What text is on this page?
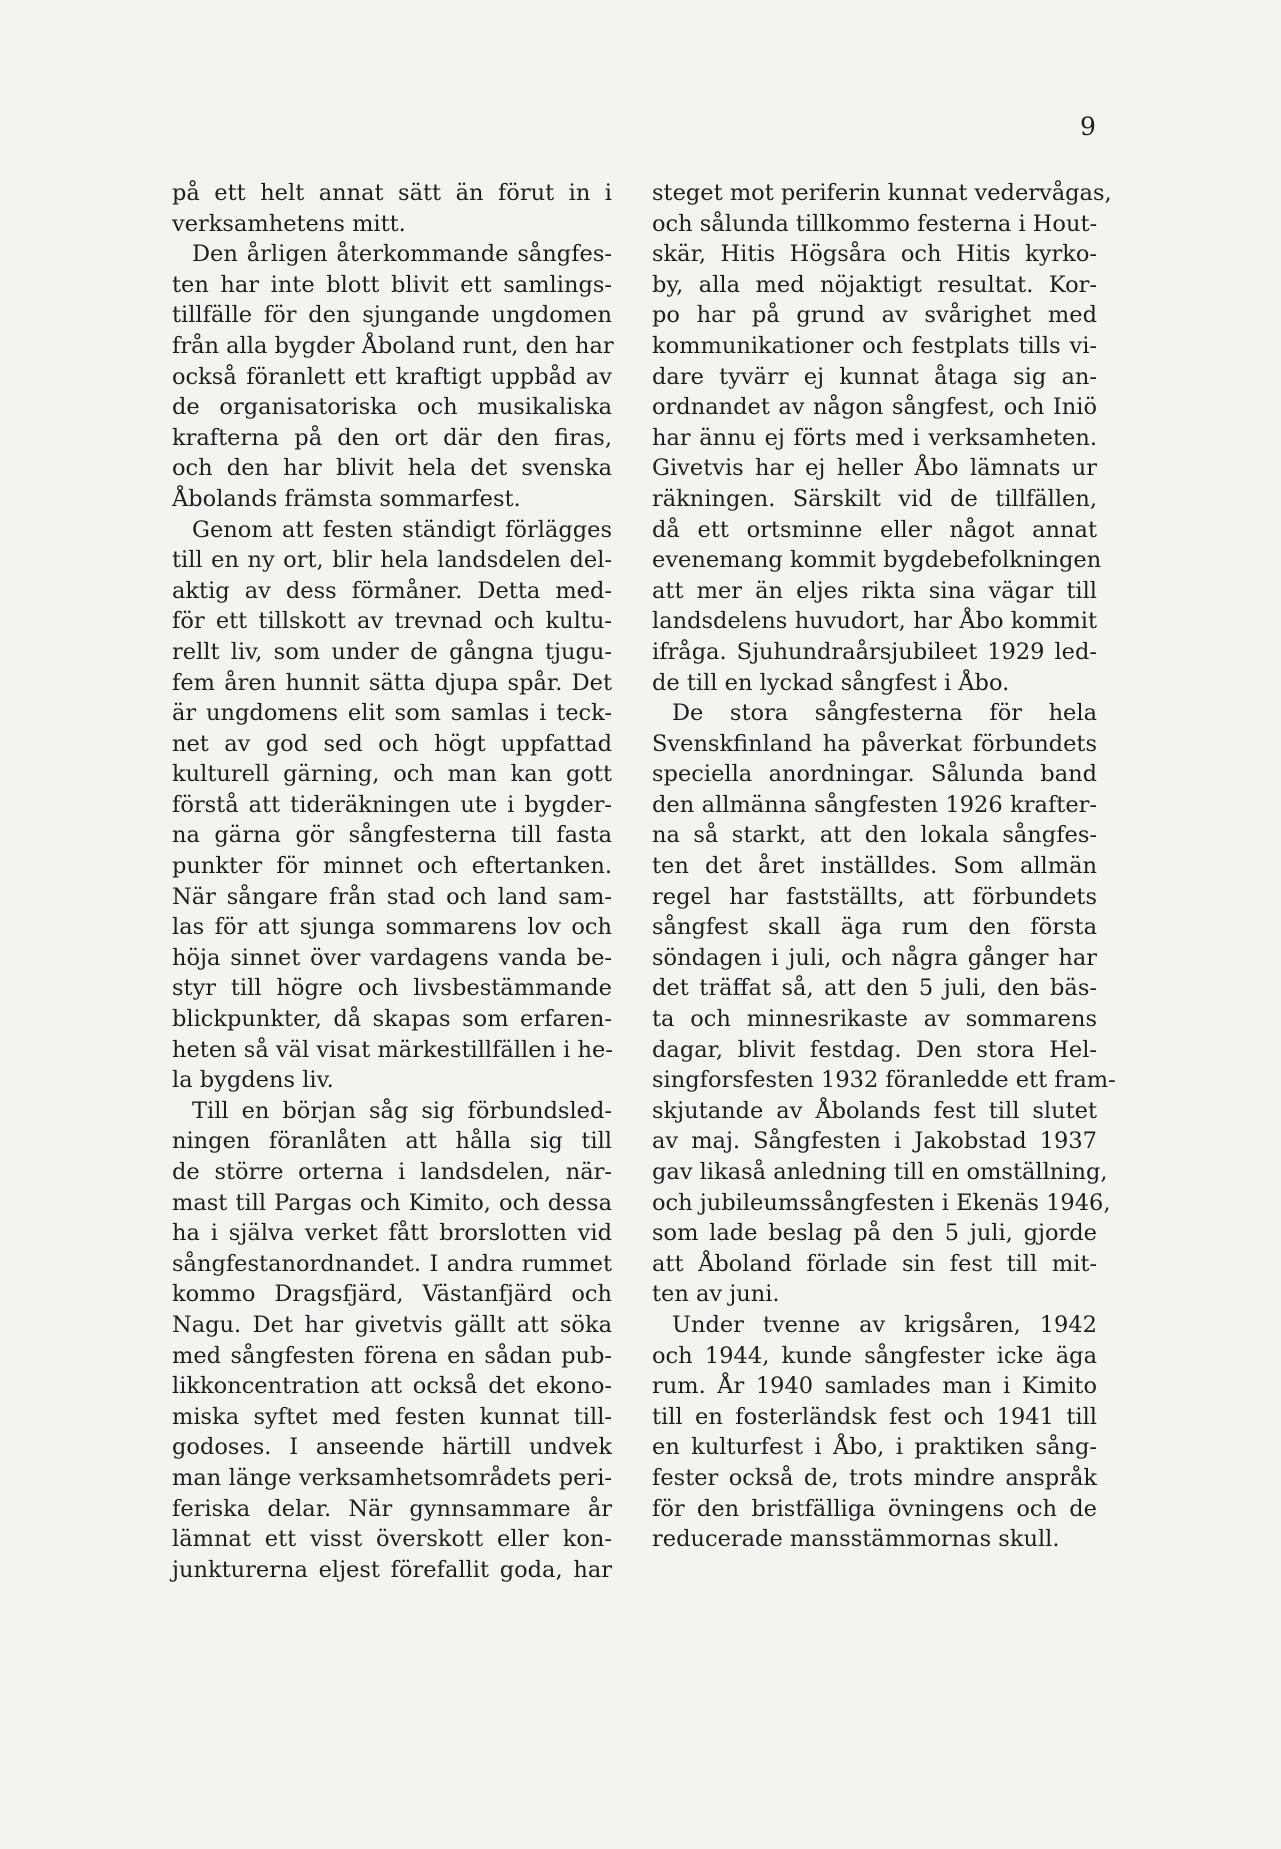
9
på ett helt annat sätt än förut in i
verksamhetens mitt.
Den årligen återkommande sångfes-
ten har inte blott blivit ett samlings-
tillfälle för den sjungande ungdomen
från alla bygder Åboland runt, den har
också föranlett ett kraftigt uppbåd av
de organisatoriska och musikaliska
krafterna på den ort där den firas,
och den har blivit hela det svenska
Åbolands främsta sommarfest.
Genom att festen ständigt förlägges
till en ny ort, blir hela landsdelen del-
aktig av dess förmåner. Detta med-
för ett tillskott av trevnad och kultu-
rellt liv, som under de gångna tjugu-
fem åren hunnit sätta djupa spår. Det
är ungdomens elit som samlas i teck-
net av god sed och högt uppfattad
kulturell gärning, och man kan gott
förstå att tideräkningen ute i bygder-
na gärna gör sångfesterna till fasta
punkter för minnet och eftertanken.
När sångare från stad och land sam-
las för att sjunga sommarens lov och
höja sinnet över vardagens vanda be-
styr till högre och livsbestämmande
blickpunkter, då skapas som erfaren-
heten så väl visat märkestillfällen i he-
la bygdens liv.
Till en början såg sig förbundsled-
ningen föranlåten att hålla sig till
de större orterna i landsdelen, när-
mast till Pargas och Kimito, och dessa
ha i själva verket fått brorslotten vid
sångfestanordnandet. I andra rummet
kommo Dragsfjärd, Västanfjärd och
Nagu. Det har givetvis gällt att söka
med sångfesten förena en sådan pub-
likkoncentration att också det ekono-
miska syftet med festen kunnat till-
godoses. I anseende härtill undvek
man länge verksamhetsområdets peri-
feriska delar. När gynnsammare år
lämnat ett visst överskott eller kon-
junkturerna eljest förefallit goda, har
steget mot periferin kunnat vedervågas,
och sålunda tillkommo festerna i Hout-
skär, Hitis Högsåra och Hitis kyrko-
by, alla med nöjaktigt resultat. Kor-
po har på grund av svårighet med
kommunikationer och festplats tills vi-
dare tyvärr ej kunnat åtaga sig an-
ordnandet av någon sångfest, och Iniö
har ännu ej förts med i verksamheten.
Givetvis har ej heller Åbo lämnats ur
räkningen. Särskilt vid de tillfällen,
då ett ortsminne eller något annat
evenemang kommit bygdebefolkningen
att mer än eljes rikta sina vägar till
landsdelens huvudort, har Åbo kommit
ifråga. Sjuhundraårsjubileet 1929 led-
de till en lyckad sångfest i Åbo.
De stora sångfesterna för hela
Svenskfinland ha påverkat förbundets
speciella anordningar. Sålunda band
den allmänna sångfesten 1926 krafter-
na så starkt, att den lokala sångfes-
ten det året inställdes. Som allmän
regel har fastställts, att förbundets
sångfest skall äga rum den första
söndagen i juli, och några gånger har
det träffat så, att den 5 juli, den bäs-
ta och minnesrikaste av sommarens
dagar, blivit festdag. Den stora Hel-
singforsfesten 1932 föranledde ett fram-
skjutande av Åbolands fest till slutet
av maj. Sångfesten i Jakobstad 1937
gav likaså anledning till en omställning,
och jubileumssångfesten i Ekenäs 1946,
som lade beslag på den 5 juli, gjorde
att Åboland förlade sin fest till mit-
ten av juni.
Under tvenne av krigsåren, 1942
och 1944, kunde sångfester icke äga
rum. År 1940 samlades man i Kimito
till en fosterländsk fest och 1941 till
en kulturfest i Åbo, i praktiken sång-
fester också de, trots mindre anspråk
för den bristfälliga övningens och de
reducerade mansstämmornas skull.
